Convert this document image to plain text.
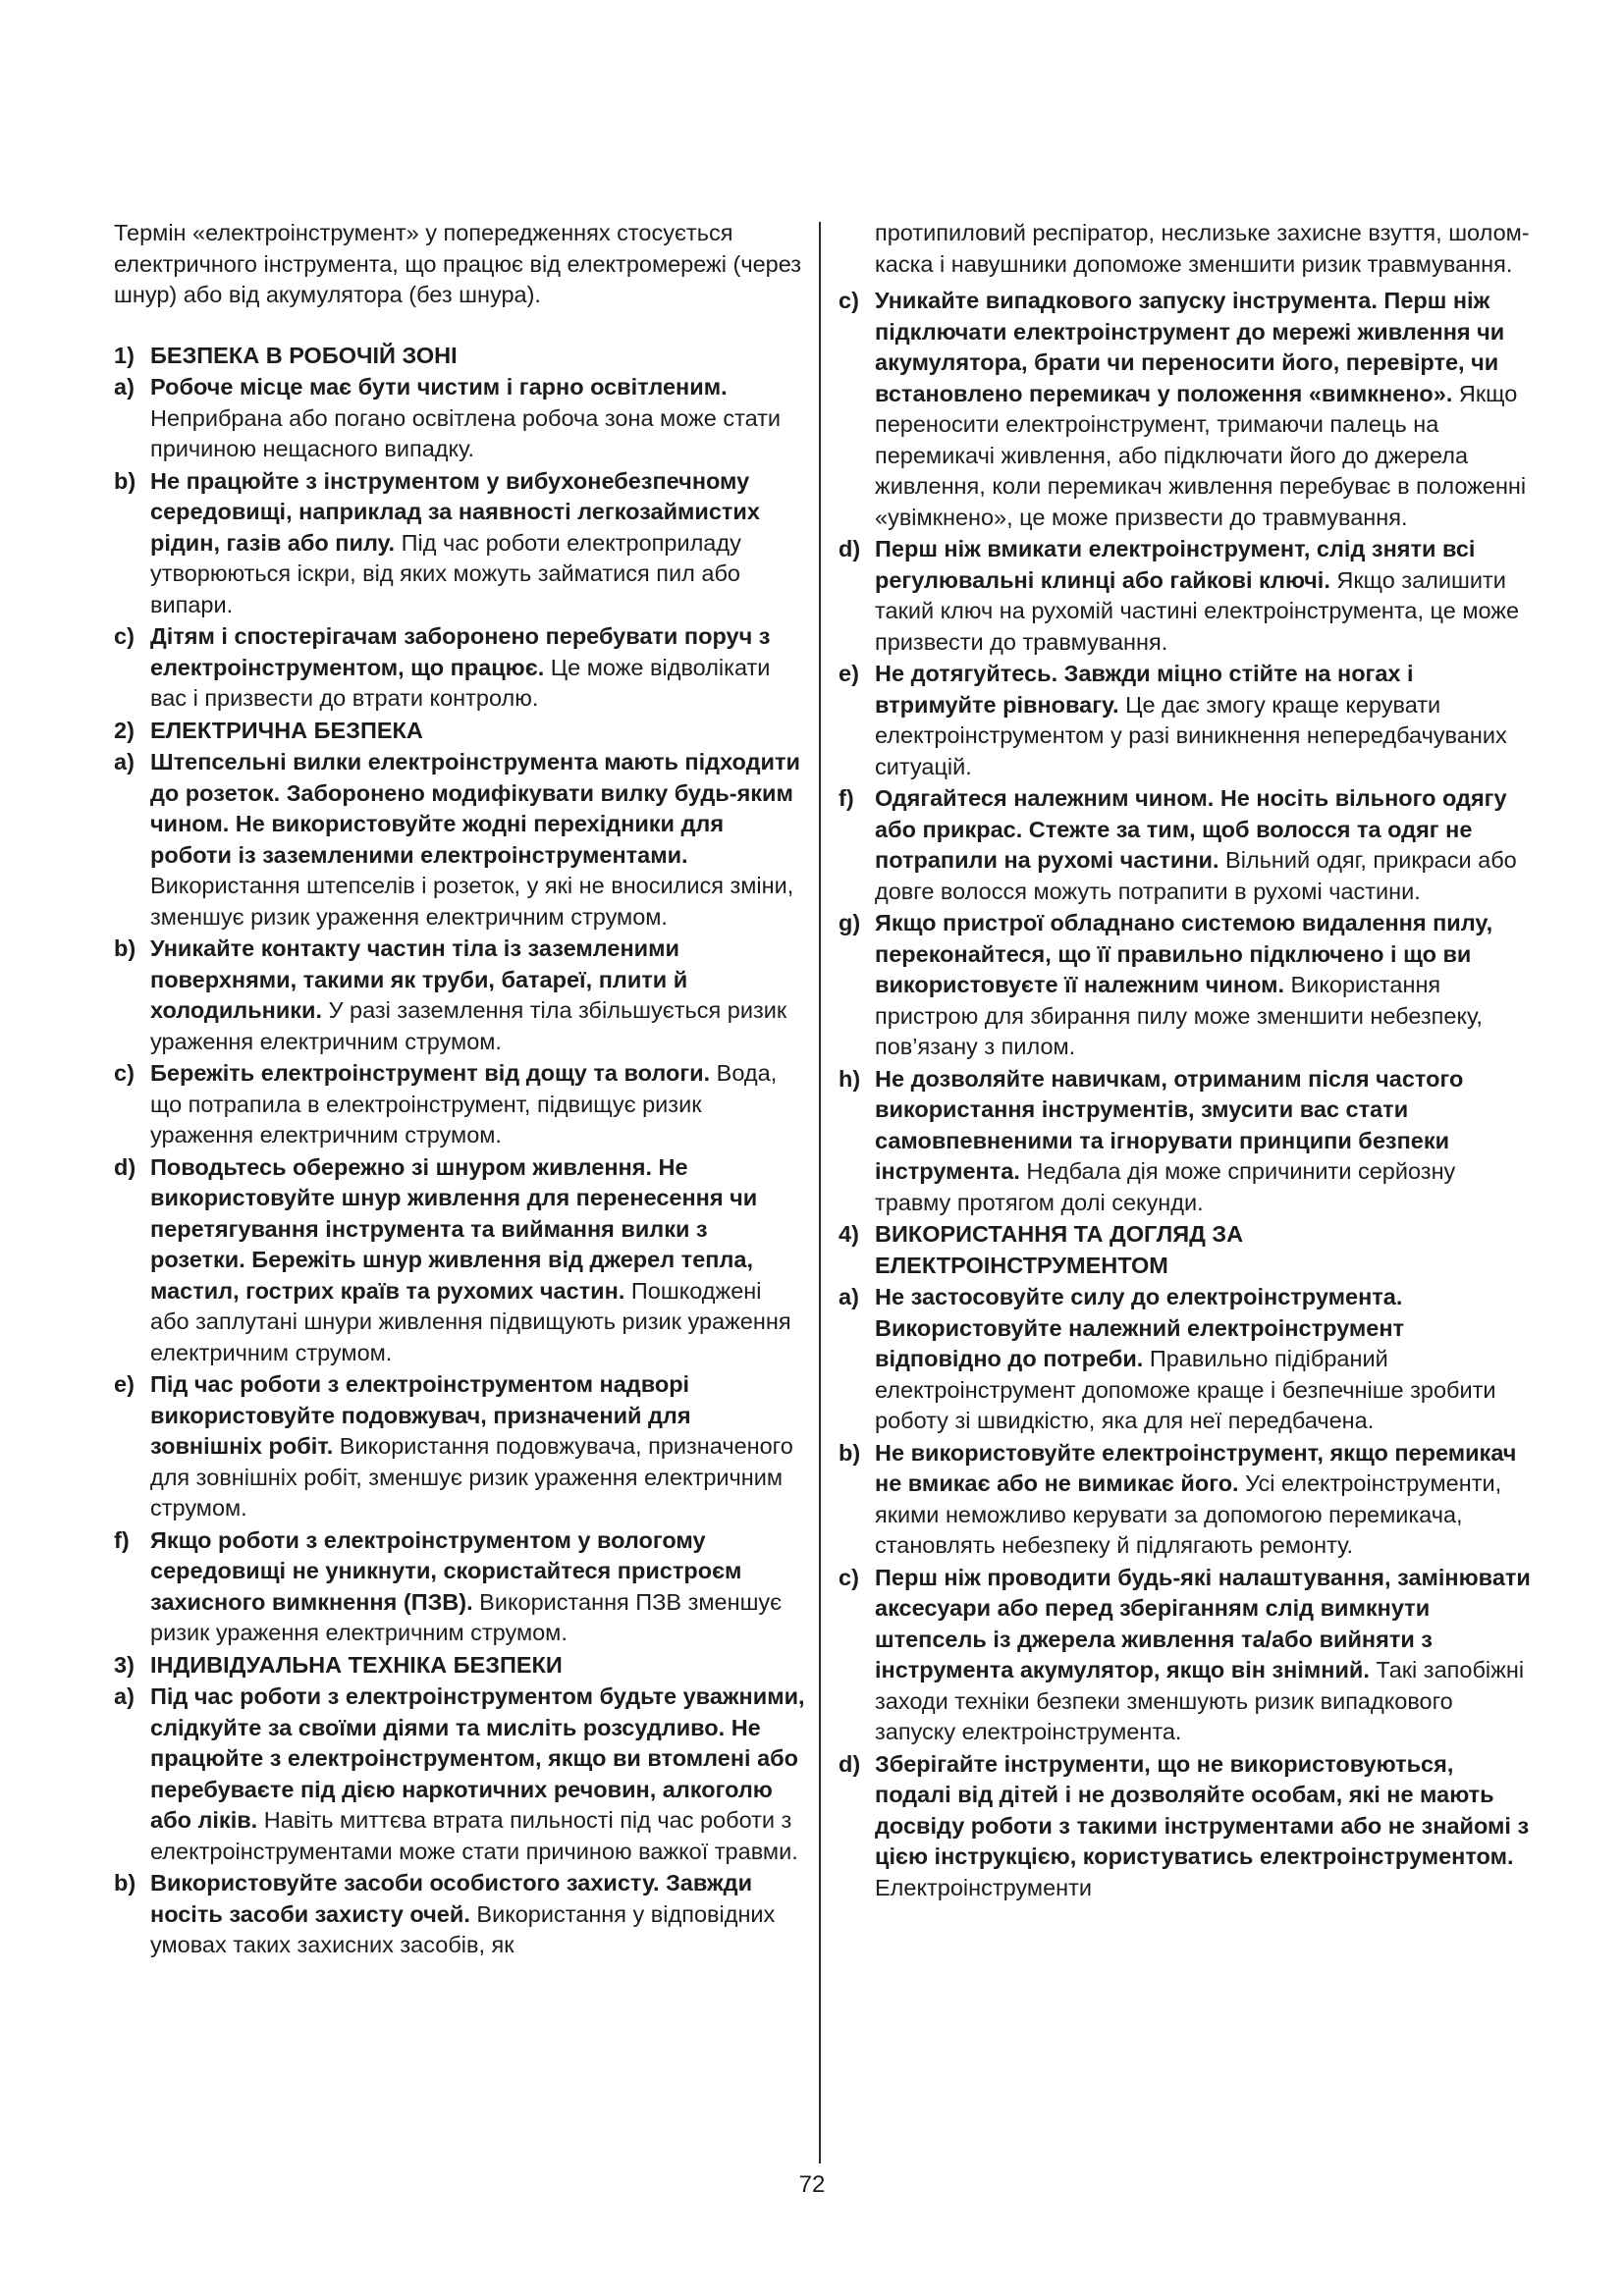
Термін «електроінструмент» у попередженнях стосується електричного інструмента, що працює від електромережі (через шнур) або від акумулятора (без шнура).
1) БЕЗПЕКА В РОБОЧІЙ ЗОНІ
a) Робоче місце має бути чистим і гарно освітленим. Неприбрана або погано освітлена робоча зона може стати причиною нещасного випадку.
b) Не працюйте з інструментом у вибухонебезпечному середовищі, наприклад за наявності легкозаймистих рідин, газів або пилу. Під час роботи електроприладу утворюються іскри, від яких можуть займатися пил або випари.
c) Дітям і спостерігачам заборонено перебувати поруч з електроінструментом, що працює. Це може відволікати вас і призвести до втрати контролю.
2) ЕЛЕКТРИЧНА БЕЗПЕКА
a) Штепсельні вилки електроінструмента мають підходити до розеток. Заборонено модифікувати вилку будь-яким чином. Не використовуйте жодні перехідники для роботи із заземленими електроінструментами. Використання штепселів і розеток, у які не вносилися зміни, зменшує ризик ураження електричним струмом.
b) Уникайте контакту частин тіла із заземленими поверхнями, такими як труби, батареї, плити й холодильники. У разі заземлення тіла збільшується ризик ураження електричним струмом.
c) Бережіть електроінструмент від дощу та вологи. Вода, що потрапила в електроінструмент, підвищує ризик ураження електричним струмом.
d) Поводьтесь обережно зі шнуром живлення. Не використовуйте шнур живлення для перенесення чи перетягування інструмента та виймання вилки з розетки. Бережіть шнур живлення від джерел тепла, мастил, гострих країв та рухомих частин. Пошкоджені або заплутані шнури живлення підвищують ризик ураження електричним струмом.
e) Під час роботи з електроінструментом надворі використовуйте подовжувач, призначений для зовнішніх робіт. Використання подовжувача, призначеного для зовнішніх робіт, зменшує ризик ураження електричним струмом.
f) Якщо роботи з електроінструментом у вологому середовищі не уникнути, скористайтеся пристроєм захисного вимкнення (ПЗВ). Використання ПЗВ зменшує ризик ураження електричним струмом.
3) ІНДИВІДУАЛЬНА ТЕХНІКА БЕЗПЕКИ
a) Під час роботи з електроінструментом будьте уважними, слідкуйте за своїми діями та мисліть розсудливо. Не працюйте з електроінструментом, якщо ви втомлені або перебуваєте під дією наркотичних речовин, алкоголю або ліків. Навіть миттєва втрата пильності під час роботи з електроінструментами може стати причиною важкої травми.
b) Використовуйте засоби особистого захисту. Завжди носіть засоби захисту очей. Використання у відповідних умовах таких захисних засобів, як
протипиловий респіратор, неслизьке захисне взуття, шолом-каска і навушники допоможе зменшити ризик травмування.
c) Уникайте випадкового запуску інструмента. Перш ніж підключати електроінструмент до мережі живлення чи акумулятора, брати чи переносити його, перевірте, чи встановлено перемикач у положення «вимкнено». Якщо переносити електроінструмент, тримаючи палець на перемикачі живлення, або підключати його до джерела живлення, коли перемикач живлення перебуває в положенні «увімкнено», це може призвести до травмування.
d) Перш ніж вмикати електроінструмент, слід зняти всі регулювальні клинці або гайкові ключі. Якщо залишити такий ключ на рухомій частині електроінструмента, це може призвести до травмування.
e) Не дотягуйтесь. Завжди міцно стійте на ногах і втримуйте рівновагу. Це дає змогу краще керувати електроінструментом у разі виникнення непередбачуваних ситуацій.
f) Одягайтеся належним чином. Не носіть вільного одягу або прикрас. Стежте за тим, щоб волосся та одяг не потрапили на рухомі частини. Вільний одяг, прикраси або довге волосся можуть потрапити в рухомі частини.
g) Якщо пристрої обладнано системою видалення пилу, переконайтеся, що її правильно підключено і що ви використовуєте її належним чином. Використання пристрою для збирання пилу може зменшити небезпеку, пов’язану з пилом.
h) Не дозволяйте навичкам, отриманим після частого використання інструментів, змусити вас стати самовпевненими та ігнорувати принципи безпеки інструмента. Недбала дія може спричинити серйозну травму протягом долі секунди.
4) ВИКОРИСТАННЯ ТА ДОГЛЯД ЗА ЕЛЕКТРОІНСТРУМЕНТОМ
a) Не застосовуйте силу до електроінструмента. Використовуйте належний електроінструмент відповідно до потреби. Правильно підібраний електроінструмент допоможе краще і безпечніше зробити роботу зі швидкістю, яка для неї передбачена.
b) Не використовуйте електроінструмент, якщо перемикач не вмикає або не вимикає його. Усі електроінструменти, якими неможливо керувати за допомогою перемикача, становлять небезпеку й підлягають ремонту.
c) Перш ніж проводити будь-які налаштування, замінювати аксесуари або перед зберіганням слід вимкнути штепсель із джерела живлення та/або вийняти з інструмента акумулятор, якщо він знімний. Такі запобіжні заходи техніки безпеки зменшують ризик випадкового запуску електроінструмента.
d) Зберігайте інструменти, що не використовуються, подалі від дітей і не дозволяйте особам, які не мають досвіду роботи з такими інструментами або не знайомі з цією інструкцією, користуватись електроінструментом. Електроінструменти
72
